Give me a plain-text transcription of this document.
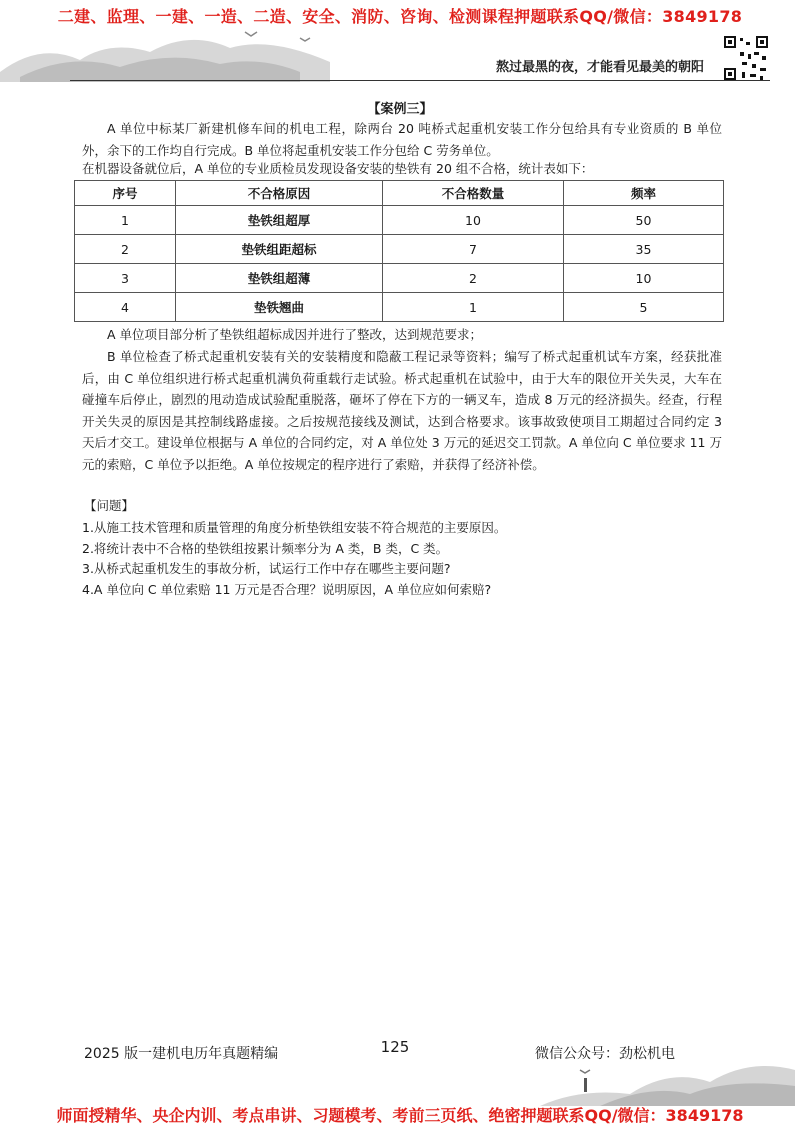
二建、监理、一建、一造、二造、安全、消防、咨询、检测课程押题联系QQ/微信：3849178
熬过最黑的夜，才能看见最美的朝阳
【案例三】

A 单位中标某厂新建机修车间的机电工程，除两台 20 吨桥式起重机安装工作分包给具有专业资质的 B 单位外，余下的工作均自行完成。B 单位将起重机安装工作分包给 C 劳务单位。

在机器设备就位后，A 单位的专业质检员发现设备安装的垫铁有 20 组不合格，统计表如下：

序号	不合格原因	不合格数量	频率
1	垫铁组超厚	10	50
2	垫铁组距超标	7	35
3	垫铁组超薄	2	10
4	垫铁翘曲	1	5

A 单位项目部分析了垫铁组超标成因并进行了整改，达到规范要求；

B 单位检查了桥式起重机安装有关的安装精度和隐蔽工程记录等资料；编写了桥式起重机试车方案，经获批准后，由 C 单位组织进行桥式起重机满负荷重载行走试验。桥式起重机在试验中，由于大车的限位开关失灵，大车在碰撞车后停止，剧烈的甩动造成试验配重脱落，砸坏了停在下方的一辆叉车，造成 8 万元的经济损失。经查，行程开关失灵的原因是其控制线路虚接。之后按规范接线及测试，达到合格要求。该事故致使项目工期超过合同约定 3 天后才交工。建设单位根据与 A 单位的合同约定，对 A 单位处 3 万元的延迟交工罚款。A 单位向 C 单位要求 11 万元的索赔，C 单位予以拒绝。A 单位按规定的程序进行了索赔，并获得了经济补偿。

【问题】
1.从施工技术管理和质量管理的角度分析垫铁组安装不符合规范的主要原因。
2.将统计表中不合格的垫铁组按累计频率分为 A 类，B 类，C 类。
3.从桥式起重机发生的事故分析，试运行工作中存在哪些主要问题?
4.A 单位向 C 单位索赔 11 万元是否合理？说明原因，A 单位应如何索赔?
2025 版一建机电历年真题精编	125	微信公众号：劲松机电
师面授精华、央企内训、考点串讲、习题模考、考前三页纸、绝密押题联系QQ/微信：3849178
